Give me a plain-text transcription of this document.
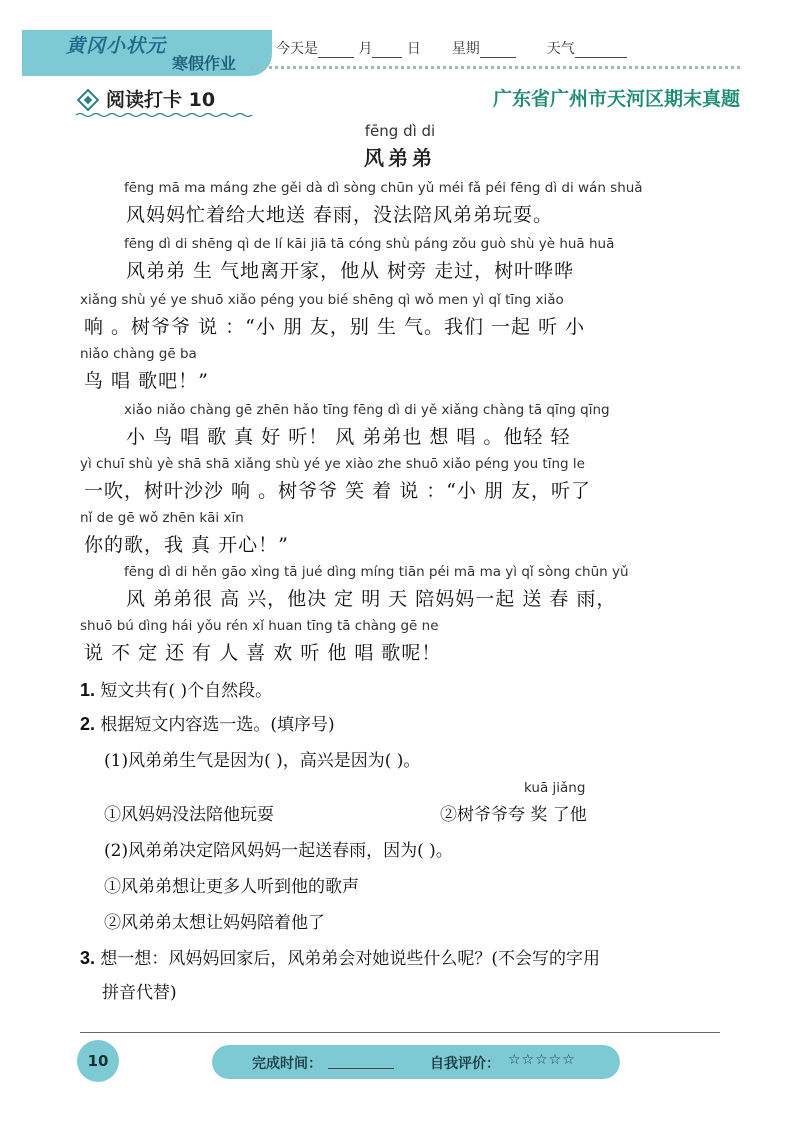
黄冈小状元
寒假作业
今天是	月 日 星期	天气
阅读打卡 10	广东省广州市天河区期末真题
fēng dì di
风弟弟
fēng mā ma máng zhe gěi dà dì sòng chūn yǔ méi fǎ péi fēng dì di wán shuǎ
风妈妈忙着给大地送 春雨，没法陪风弟弟玩耍。
fēng dì di shēng qì de lí kāi jiā tā cóng shù páng zǒu guò shù yè huā huā
风弟弟 生 气地离开家，他从 树旁 走过，树叶哗哗
xiǎng shù yé ye shuō xiǎo péng you bié shēng qì wǒ men yì qǐ tīng xiǎo
响 。树爷爷 说 ：“小 朋 友，别 生 气。我们 一起 听 小
niǎo chàng gē ba
鸟 唱 歌吧！”
xiǎo niǎo chàng gē zhēn hǎo tīng fēng dì di yě xiǎng chàng tā qīng qīng
小 鸟 唱 歌 真 好 听！ 风 弟弟也 想 唱 。他轻 轻
yì chuī shù yè shā shā xiǎng shù yé ye xiào zhe shuō xiǎo péng you tīng le
一吹，树叶沙沙 响 。树爷爷 笑 着 说 ：“小 朋 友，听了
nǐ de gē wǒ zhēn kāi xīn
你的歌，我 真 开心！”
fēng dì di hěn gāo xìng tā jué dìng míng tiān péi mā ma yì qǐ sòng chūn yǔ
风 弟弟很 高 兴，他决 定 明 天 陪妈妈一起 送 春 雨，
shuō bú dìng hái yǒu rén xǐ huan tīng tā chàng gē ne
说 不 定 还 有 人 喜 欢 听 他 唱 歌呢！
1. 短文共有( )个自然段。
2. 根据短文内容选一选。(填序号)
(1)风弟弟生气是因为( )，高兴是因为( )。
kuā jiǎng
①风妈妈没法陪他玩耍	②树爷爷夸 奖 了他
(2)风弟弟决定陪风妈妈一起送春雨，因为( )。
①风弟弟想让更多人听到他的歌声
②风弟弟太想让妈妈陪着他了
3. 想一想：风妈妈回家后，风弟弟会对她说些什么呢？(不会写的字用
拼音代替)
10	完成时间：	自我评价： ☆☆☆☆☆
